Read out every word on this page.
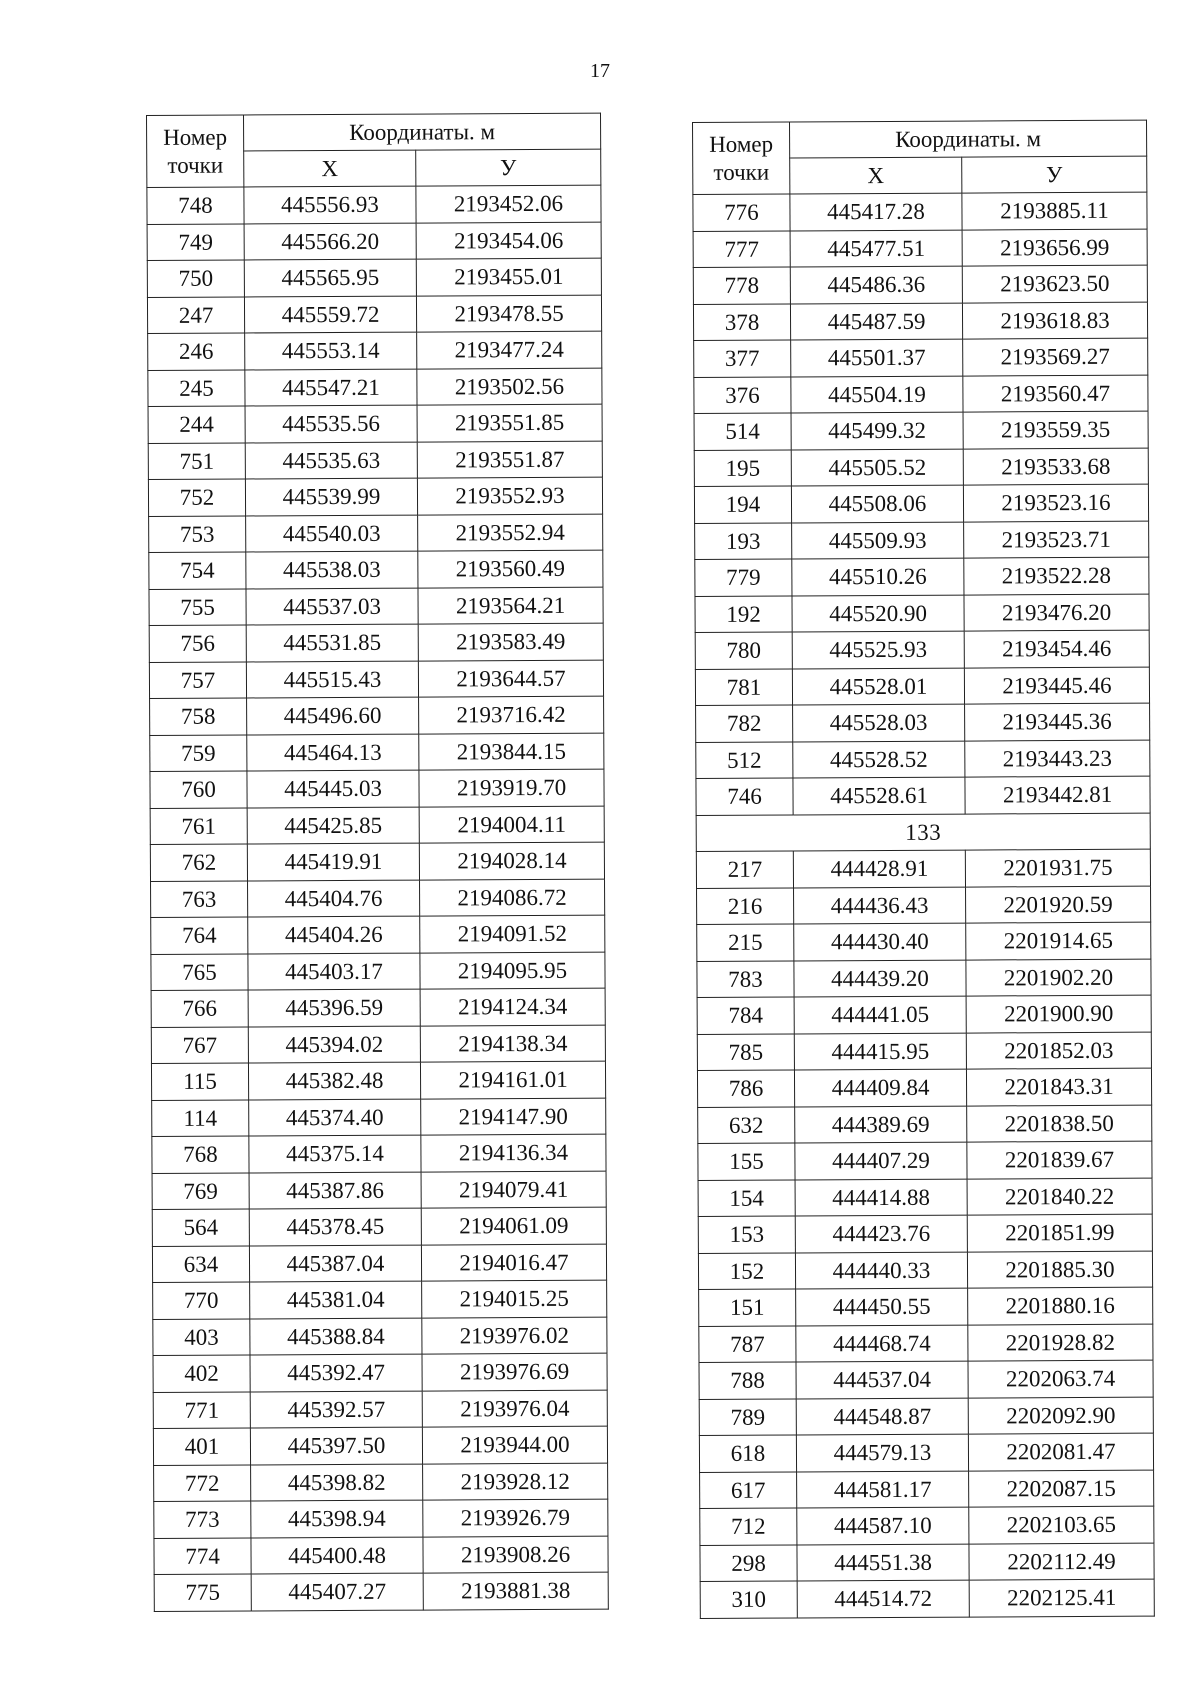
17
Номер точки	Координаты. м	
	X	У
748	445556.93	2193452.06
749	445566.20	2193454.06
750	445565.95	2193455.01
247	445559.72	2193478.55
246	445553.14	2193477.24
245	445547.21	2193502.56
244	445535.56	2193551.85
751	445535.63	2193551.87
752	445539.99	2193552.93
753	445540.03	2193552.94
754	445538.03	2193560.49
755	445537.03	2193564.21
756	445531.85	2193583.49
757	445515.43	2193644.57
758	445496.60	2193716.42
759	445464.13	2193844.15
760	445445.03	2193919.70
761	445425.85	2194004.11
762	445419.91	2194028.14
763	445404.76	2194086.72
764	445404.26	2194091.52
765	445403.17	2194095.95
766	445396.59	2194124.34
767	445394.02	2194138.34
115	445382.48	2194161.01
114	445374.40	2194147.90
768	445375.14	2194136.34
769	445387.86	2194079.41
564	445378.45	2194061.09
634	445387.04	2194016.47
770	445381.04	2194015.25
403	445388.84	2193976.02
402	445392.47	2193976.69
771	445392.57	2193976.04
401	445397.50	2193944.00
772	445398.82	2193928.12
773	445398.94	2193926.79
774	445400.48	2193908.26
775	445407.27	2193881.38
Номер точки	Координаты. м	
	X	У
776	445417.28	2193885.11
777	445477.51	2193656.99
778	445486.36	2193623.50
378	445487.59	2193618.83
377	445501.37	2193569.27
376	445504.19	2193560.47
514	445499.32	2193559.35
195	445505.52	2193533.68
194	445508.06	2193523.16
193	445509.93	2193523.71
779	445510.26	2193522.28
192	445520.90	2193476.20
780	445525.93	2193454.46
781	445528.01	2193445.46
782	445528.03	2193445.36
512	445528.52	2193443.23
746	445528.61	2193442.81
133		
217	444428.91	2201931.75
216	444436.43	2201920.59
215	444430.40	2201914.65
783	444439.20	2201902.20
784	444441.05	2201900.90
785	444415.95	2201852.03
786	444409.84	2201843.31
632	444389.69	2201838.50
155	444407.29	2201839.67
154	444414.88	2201840.22
153	444423.76	2201851.99
152	444440.33	2201885.30
151	444450.55	2201880.16
787	444468.74	2201928.82
788	444537.04	2202063.74
789	444548.87	2202092.90
618	444579.13	2202081.47
617	444581.17	2202087.15
712	444587.10	2202103.65
298	444551.38	2202112.49
310	444514.72	2202125.41
